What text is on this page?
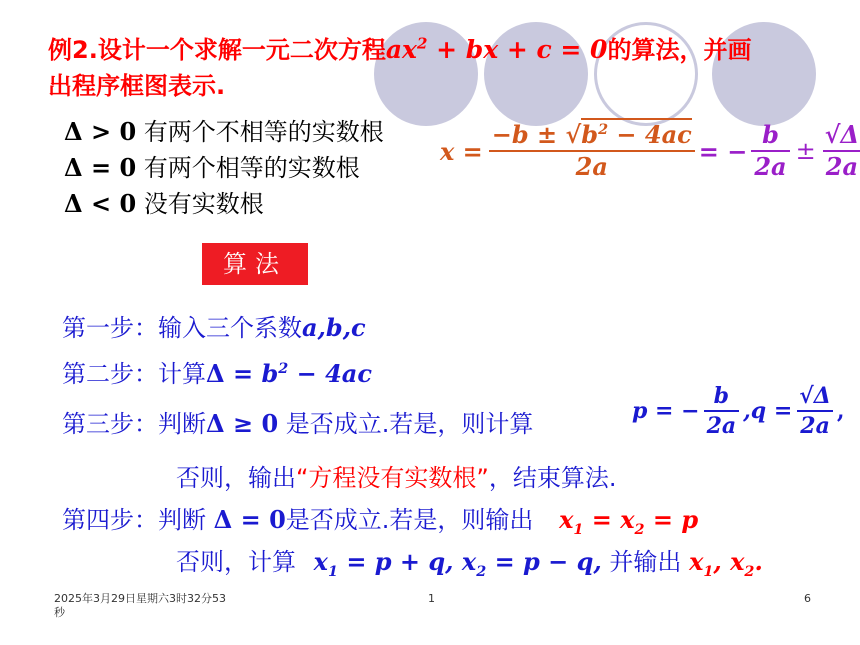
例2.设计一个求解一元二次方程$ax^2$ + bx + c = 0的算法，并画
出程序框图表示.
Δ > 0 有两个不相等的实数根
Δ = 0 有两个相等的实数根
Δ < 0 没有实数根
$x = \frac{-b \pm √b^2 - 4ac}{2a}$ = − $\frac{b}{2a} \pm \frac{√\Delta}{2a}$
算法
第一步：输入三个系数a,b,c
第二步：计算$\Delta = b^2 - 4ac$
第三步：判断Δ ≥ 0 是否成立.若是，则计算	p = − $\frac{b}{2a} ,q = \frac{√\Delta}{2a}$ ,
否则，输出“方程没有实数根”，结束算法.
第四步：判断 Δ = 0是否成立.若是，则输出 $x_1 = x_2 = p$
否则，计算 $x_1 = p + q$, $x_2 = p - q$, 并输出 $x_1$, $x_2$.
2025年3月29日星期六3时32分53
秒
1	6
